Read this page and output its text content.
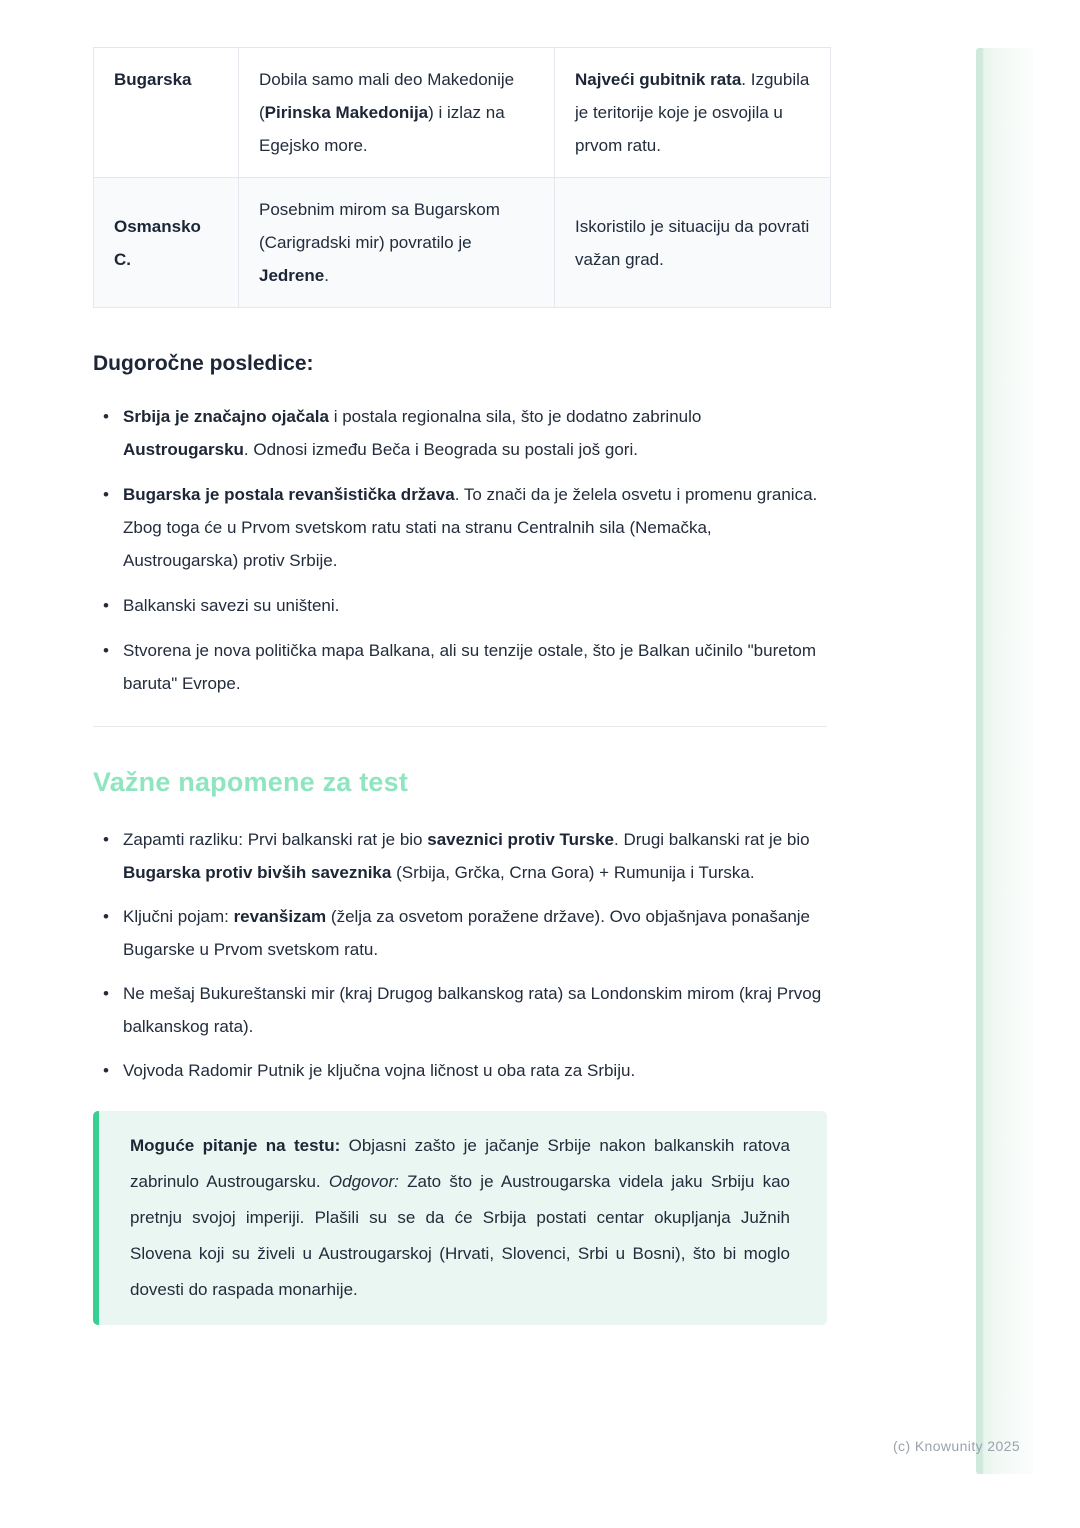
Bugarska	Dobila samo mali deo Makedonije (Pirinska Makedonija) i izlaz na Egejsko more.	Najveći gubitnik rata. Izgubila je teritorije koje je osvojila u prvom ratu.
Osmansko C.	Posebnim mirom sa Bugarskom (Carigradski mir) povratilo je Jedrene.	Iskoristilo je situaciju da povrati važan grad.
Dugoročne posledice:
• Srbija je značajno ojačala i postala regionalna sila, što je dodatno zabrinulo Austrougarsku. Odnosi između Beča i Beograda su postali još gori.
• Bugarska je postala revanšistička država. To znači da je želela osvetu i promenu granica. Zbog toga će u Prvom svetskom ratu stati na stranu Centralnih sila (Nemačka, Austrougarska) protiv Srbije.
• Balkanski savezi su uništeni.
• Stvorena je nova politička mapa Balkana, ali su tenzije ostale, što je Balkan učinilo "buretom baruta" Evrope.
Važne napomene za test
• Zapamti razliku: Prvi balkanski rat je bio saveznici protiv Turske. Drugi balkanski rat je bio Bugarska protiv bivših saveznika (Srbija, Grčka, Crna Gora) + Rumunija i Turska.
• Ključni pojam: revanšizam (želja za osvetom poražene države). Ovo objašnjava ponašanje Bugarske u Prvom svetskom ratu.
• Ne mešaj Bukureštanski mir (kraj Drugog balkanskog rata) sa Londonskim mirom (kraj Prvog balkanskog rata).
• Vojvoda Radomir Putnik je ključna vojna ličnost u oba rata za Srbiju.
Moguće pitanje na testu: Objasni zašto je jačanje Srbije nakon balkanskih ratova zabrinulo Austrougarsku. Odgovor: Zato što je Austrougarska videla jaku Srbiju kao pretnju svojoj imperiji. Plašili su se da će Srbija postati centar okupljanja Južnih Slovena koji su živeli u Austrougarskoj (Hrvati, Slovenci, Srbi u Bosni), što bi moglo dovesti do raspada monarhije.
(c) Knowunity 2025
